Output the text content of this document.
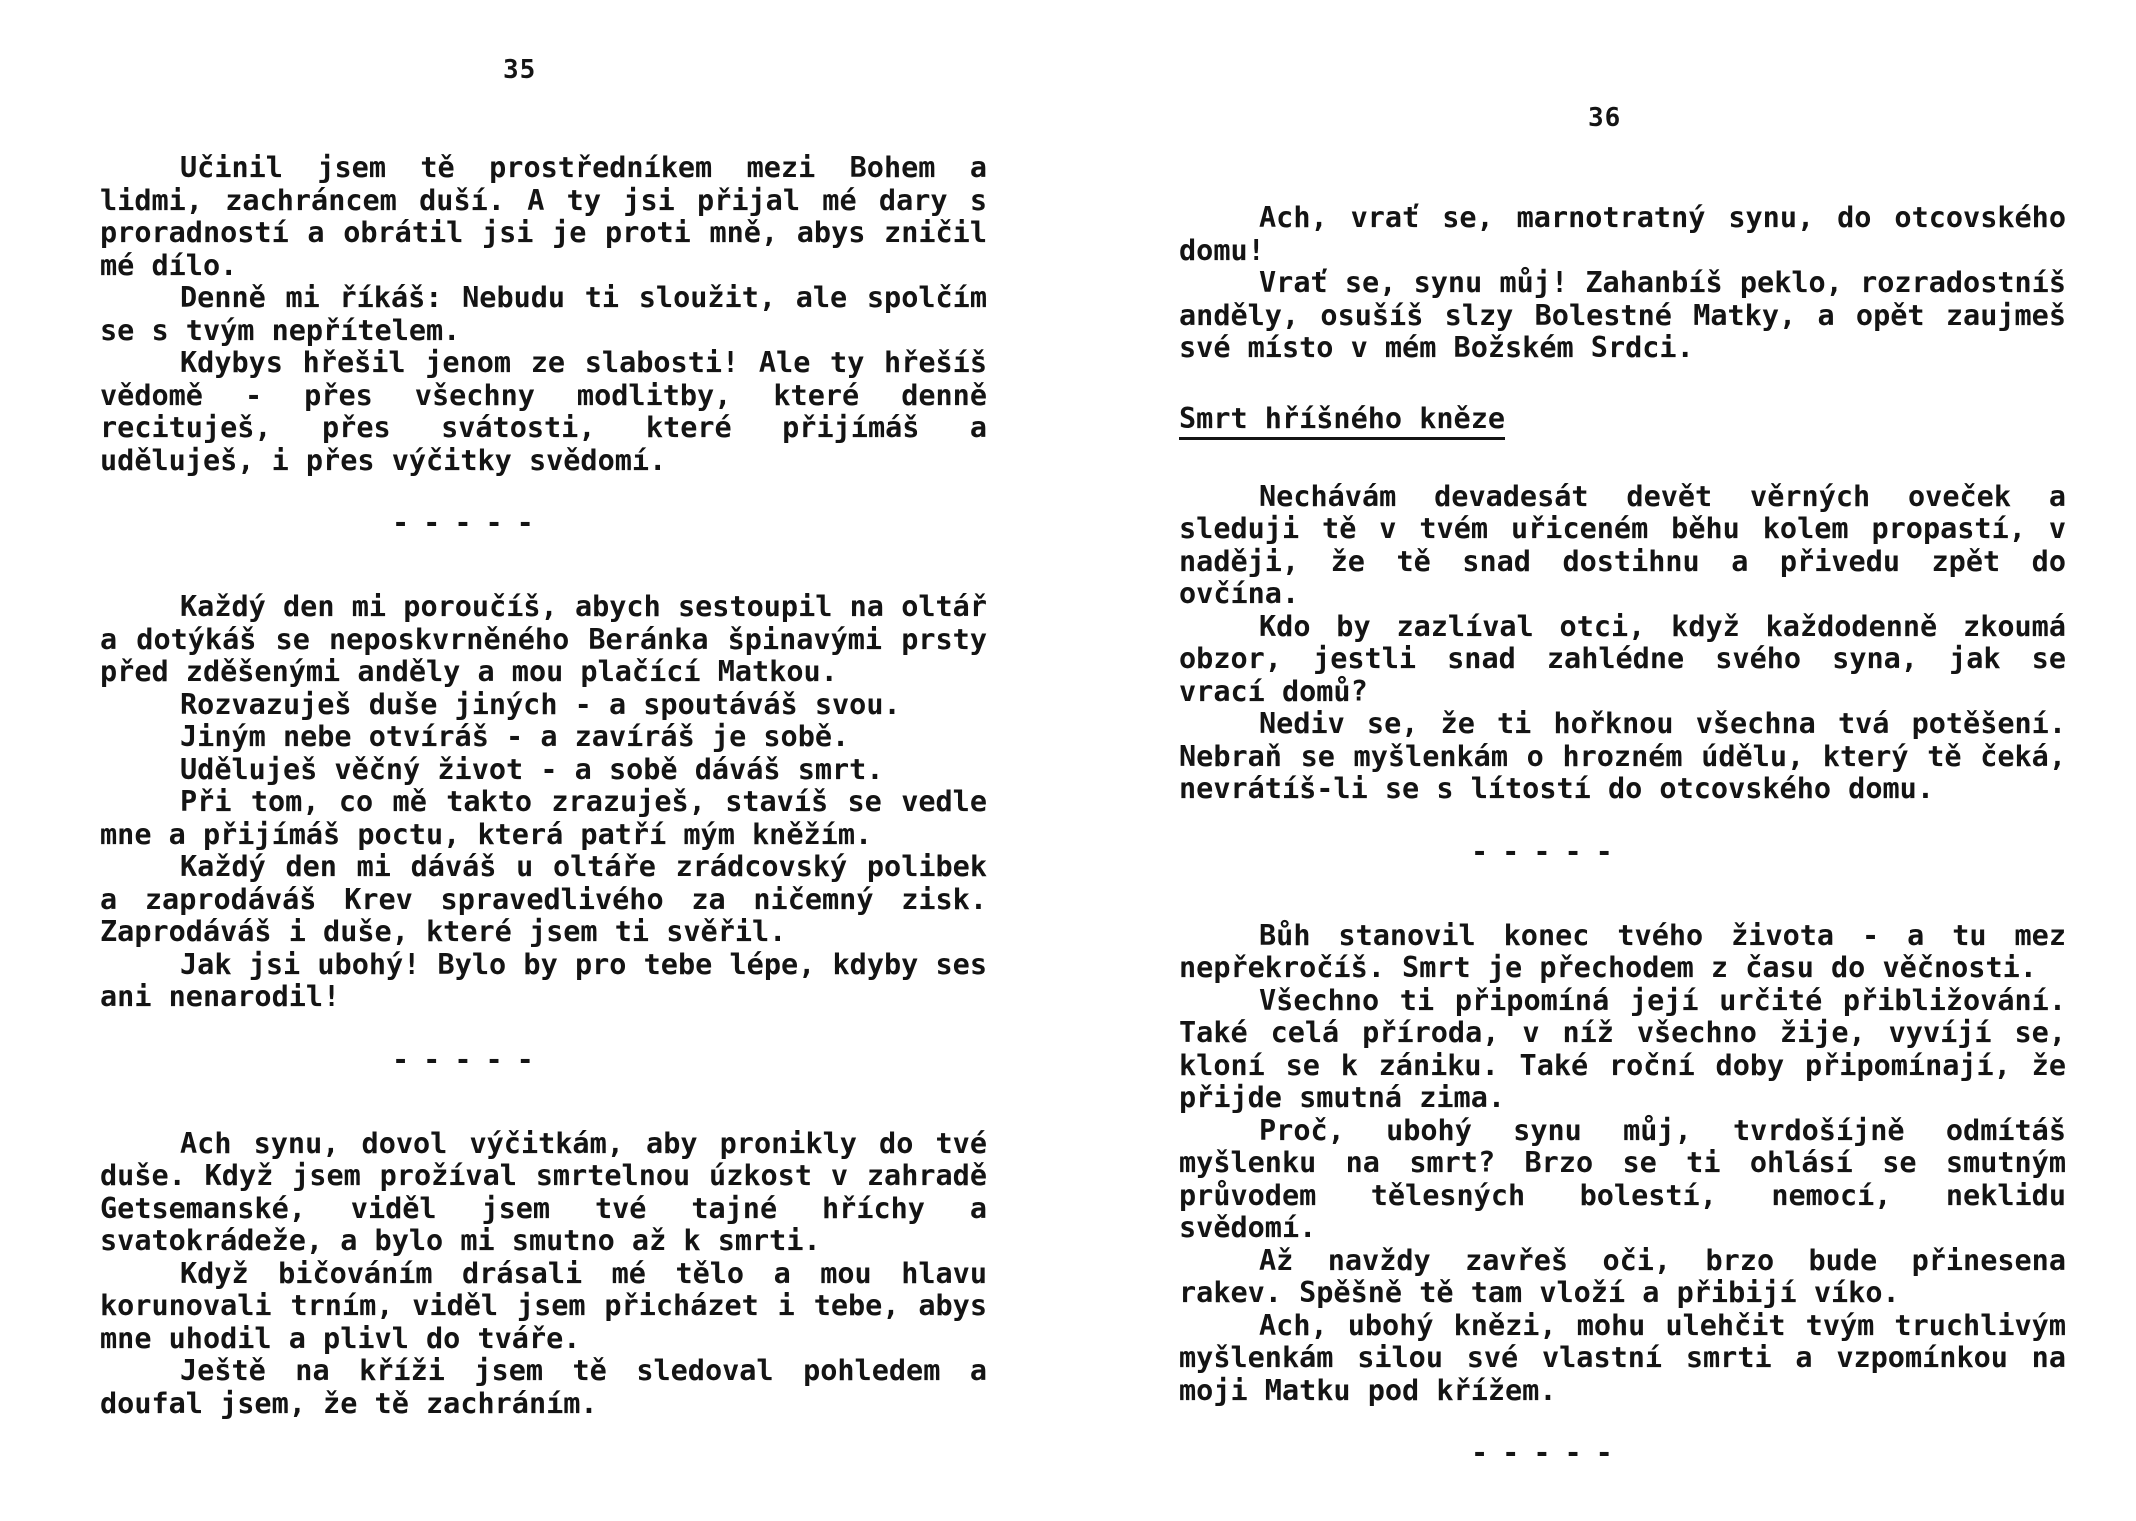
35

Učinil jsem tě prostředníkem mezi Bohem a lidmi, zachráncem duší. A ty jsi přijal mé dary s proradností a obrátil jsi je proti mně, abys zničil mé dílo.

Denně mi říkáš: Nebudu ti sloužit, ale spolčím se s tvým nepřítelem.

Kdybys hřešil jenom ze slabosti! Ale ty hřešíš vědomě - přes všechny modlitby, které denně recituješ, přes svátosti, které přijímáš a uděluješ, i přes výčitky svědomí.

-----

Každý den mi poroučíš, abych sestoupil na oltář a dotýkáš se neposkvrněného Beránka špinavými prsty před zděšenými anděly a mou plačící Matkou.

Rozvazuješ duše jiných - a spoutáváš svou.

Jiným nebe otvíráš - a zavíráš je sobě.

Uděluješ věčný život - a sobě dáváš smrt.

Při tom, co mě takto zrazuješ, stavíš se vedle mne a přijímáš poctu, která patří mým kněžím.

Každý den mi dáváš u oltáře zrádcovský polibek a zaprodáváš Krev spravedlivého za ničemný zisk. Zaprodáváš i duše, které jsem ti svěřil.

Jak jsi ubohý! Bylo by pro tebe lépe, kdyby ses ani nenarodil!

-----

Ach synu, dovol výčitkám, aby pronikly do tvé duše. Když jsem prožíval smrtelnou úzkost v zahradě Getsemanské, viděl jsem tvé tajné hříchy a svatokrádeže, a bylo mi smutno až k smrti.

Když bičováním drásali mé tělo a mou hlavu korunovali trním, viděl jsem přicházet i tebe, abys mne uhodil a plivl do tváře.

Ještě na kříži jsem tě sledoval pohledem a doufal jsem, že tě zachráním.

36

Ach, vrať se, marnotratný synu, do otcovského domu!

Vrať se, synu můj! Zahanbíš peklo, rozradostníš anděly, osušíš slzy Bolestné Matky, a opět zaujmeš své místo v mém Božském Srdci.

Smrt hříšného kněze

Nechávám devadesát devět věrných oveček a sleduji tě v tvém uřiceném běhu kolem propastí, v naději, že tě snad dostihnu a přivedu zpět do ovčína.

Kdo by zazlíval otci, když každodenně zkoumá obzor, jestli snad zahlédne svého syna, jak se vrací domů?

Nediv se, že ti hořknou všechna tvá potěšení. Nebraň se myšlenkám o hrozném údělu, který tě čeká, nevrátíš-li se s lítostí do otcovského domu.

-----

Bůh stanovil konec tvého života - a tu mez nepřekročíš. Smrt je přechodem z času do věčnosti.

Všechno ti připomíná její určité přibližování. Také celá příroda, v níž všechno žije, vyvíjí se, kloní se k zániku. Také roční doby připomínají, že přijde smutná zima.

Proč, ubohý synu můj, tvrdošíjně odmítáš myšlenku na smrt? Brzo se ti ohlásí se smutným průvodem tělesných bolestí, nemocí, neklidu svědomí.

Až navždy zavřeš oči, brzo bude přinesena rakev. Spěšně tě tam vloží a přibijí víko.

Ach, ubohý knězi, mohu ulehčit tvým truchlivým myšlenkám silou své vlastní smrti a vzpomínkou na moji Matku pod křížem.

-----
